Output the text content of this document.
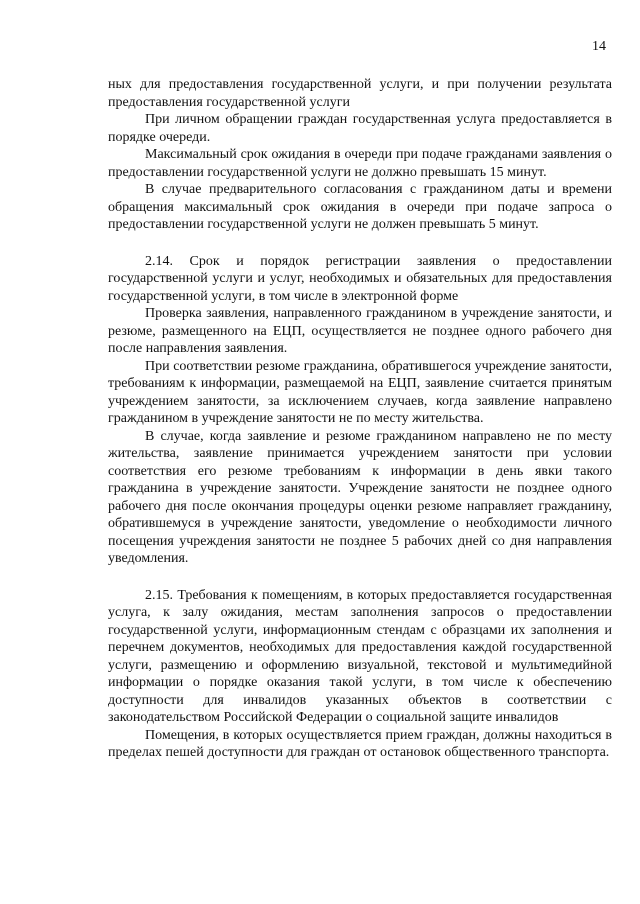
14

ных для предоставления государственной услуги, и при получении результата предоставления государственной услуги

При личном обращении граждан государственная услуга предоставляется в порядке очереди.

Максимальный срок ожидания в очереди при подаче гражданами заявления о предоставлении государственной услуги не должно превышать 15 минут.

В случае предварительного согласования с гражданином даты и времени обращения максимальный срок ожидания в очереди при подаче запроса о предоставлении государственной услуги не должен превышать 5 минут.

2.14. Срок и порядок регистрации заявления о предоставлении государственной услуги и услуг, необходимых и обязательных для предоставления государственной услуги, в том числе в электронной форме

Проверка заявления, направленного гражданином в учреждение занятости, и резюме, размещенного на ЕЦП, осуществляется не позднее одного рабочего дня после направления заявления.

При соответствии резюме гражданина, обратившегося учреждение занятости, требованиям к информации, размещаемой на ЕЦП, заявление считается принятым учреждением занятости, за исключением случаев, когда заявление направлено гражданином в учреждение занятости не по месту жительства.

В случае, когда заявление и резюме гражданином направлено не по месту жительства, заявление принимается учреждением занятости при условии соответствия его резюме требованиям к информации в день явки такого гражданина в учреждение занятости. Учреждение занятости не позднее одного рабочего дня после окончания процедуры оценки резюме направляет гражданину, обратившемуся в учреждение занятости, уведомление о необходимости личного посещения учреждения занятости не позднее 5 рабочих дней со дня направления уведомления.

2.15. Требования к помещениям, в которых предоставляется государственная услуга, к залу ожидания, местам заполнения запросов о предоставлении государственной услуги, информационным стендам с образцами их заполнения и перечнем документов, необходимых для предоставления каждой государственной услуги, размещению и оформлению визуальной, текстовой и мультимедийной информации о порядке оказания такой услуги, в том числе к обеспечению доступности для инвалидов указанных объектов в соответствии с законодательством Российской Федерации о социальной защите инвалидов

Помещения, в которых осуществляется прием граждан, должны находиться в пределах пешей доступности для граждан от остановок общественного транспорта.
